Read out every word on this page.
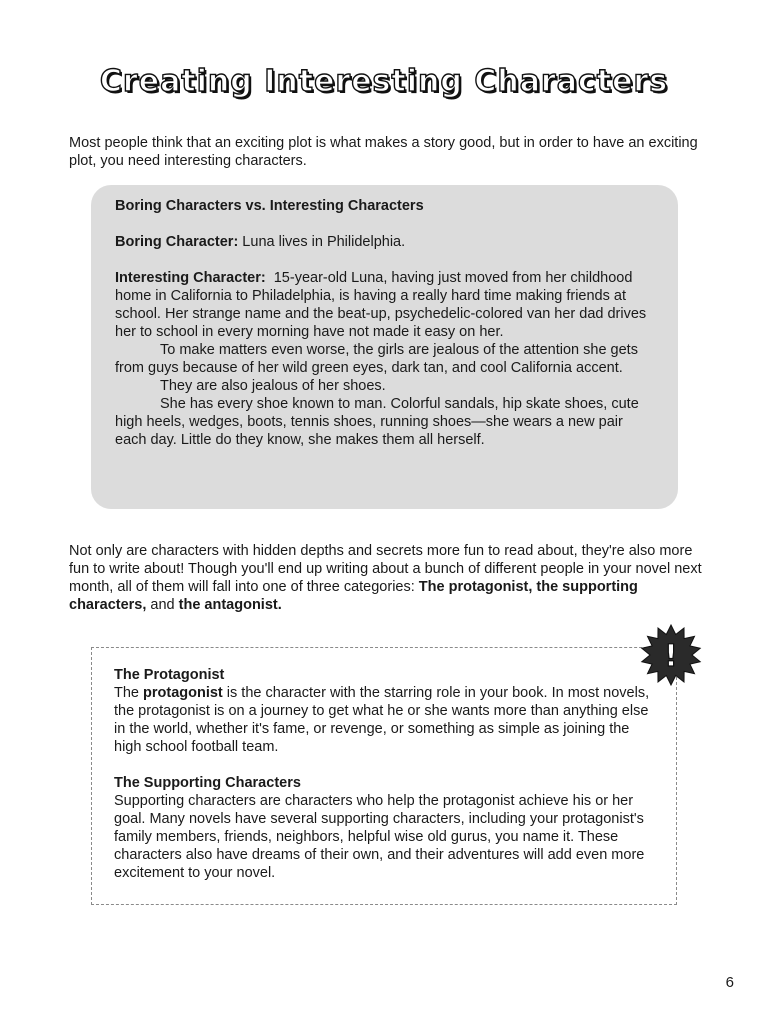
Creating Interesting Characters

Most people think that an exciting plot is what makes a story good, but in order to have an exciting plot, you need interesting characters.

Boring Characters vs. Interesting Characters

Boring Character: Luna lives in Philidelphia.

Interesting Character:  15-year-old Luna, having just moved from her childhood home in California to Philadelphia, is having a really hard time making friends at school. Her strange name and the beat-up, psychedelic-colored van her dad drives her to school in every morning have not made it easy on her.

To make matters even worse, the girls are jealous of the attention she gets from guys because of her wild green eyes, dark tan, and cool California accent.

They are also jealous of her shoes.

She has every shoe known to man. Colorful sandals, hip skate shoes, cute high heels, wedges, boots, tennis shoes, running shoes—she wears a new pair each day. Little do they know, she makes them all herself.

Not only are characters with hidden depths and secrets more fun to read about, they're also more fun to write about! Though you'll end up writing about a bunch of different people in your novel next month, all of them will fall into one of three categories: The protagonist, the supporting characters, and the antagonist.

The Protagonist

The protagonist is the character with the starring role in your book. In most novels, the protagonist is on a journey to get what he or she wants more than anything else in the world, whether it's fame, or revenge, or something as simple as joining the high school football team.

The Supporting Characters

Supporting characters are characters who help the protagonist achieve his or her goal. Many novels have several supporting characters, including your protagonist's family members, friends, neighbors, helpful wise old gurus, you name it. These characters also have dreams of their own, and their adventures will add even more excitement to your novel.

!
6
